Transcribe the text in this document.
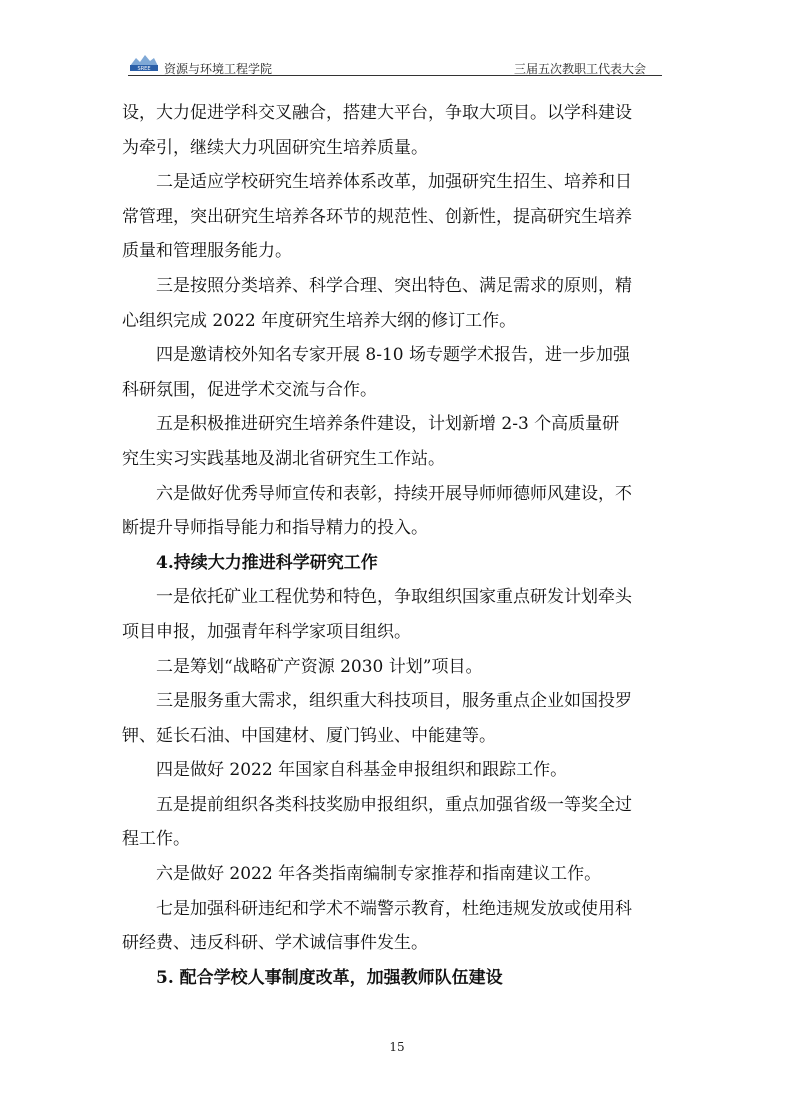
SREE 资源与环境工程学院	三届五次教职工代表大会
设，大力促进学科交叉融合，搭建大平台，争取大项目。以学科建设
为牵引，继续大力巩固研究生培养质量。
二是适应学校研究生培养体系改革，加强研究生招生、培养和日
常管理，突出研究生培养各环节的规范性、创新性，提高研究生培养
质量和管理服务能力。
三是按照分类培养、科学合理、突出特色、满足需求的原则，精
心组织完成 2022 年度研究生培养大纲的修订工作。
四是邀请校外知名专家开展 8-10 场专题学术报告，进一步加强
科研氛围，促进学术交流与合作。
五是积极推进研究生培养条件建设，计划新增 2-3 个高质量研
究生实习实践基地及湖北省研究生工作站。
六是做好优秀导师宣传和表彰，持续开展导师师德师风建设，不
断提升导师指导能力和指导精力的投入。
4.持续大力推进科学研究工作
一是依托矿业工程优势和特色，争取组织国家重点研发计划牵头
项目申报，加强青年科学家项目组织。
二是筹划“战略矿产资源 2030 计划”项目。
三是服务重大需求，组织重大科技项目，服务重点企业如国投罗
钾、延长石油、中国建材、厦门钨业、中能建等。
四是做好 2022 年国家自科基金申报组织和跟踪工作。
五是提前组织各类科技奖励申报组织，重点加强省级一等奖全过
程工作。
六是做好 2022 年各类指南编制专家推荐和指南建议工作。
七是加强科研违纪和学术不端警示教育，杜绝违规发放或使用科
研经费、违反科研、学术诚信事件发生。
5. 配合学校人事制度改革，加强教师队伍建设
15
